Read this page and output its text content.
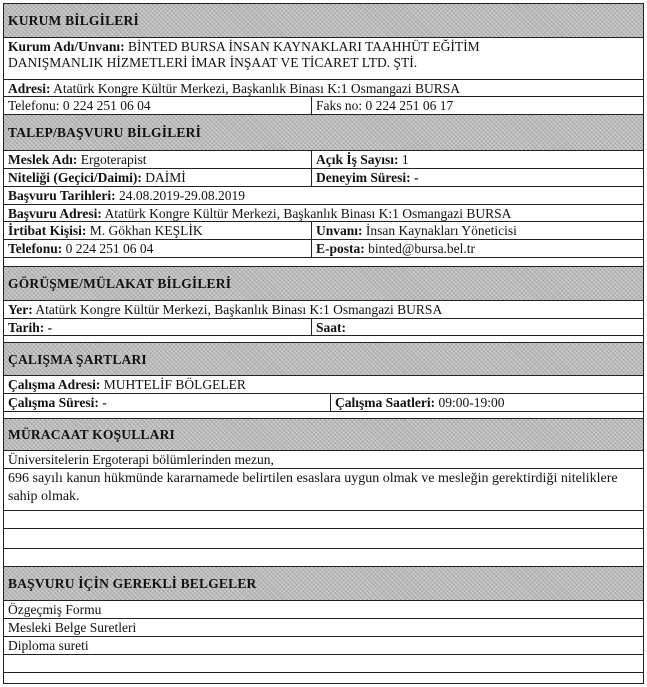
KURUM BİLGİLERİ
Kurum Adı/Unvanı: BİNTED BURSA İNSAN KAYNAKLARI TAAHHÜT EĞİTİM
DANIŞMANLIK HİZMETLERİ İMAR İNŞAAT VE TİCARET LTD. ŞTİ.
Adresi: Atatürk Kongre Kültür Merkezi, Başkanlık Binası K:1 Osmangazi BURSA
Telefonu: 0 224 251 06 04	Faks no: 0 224 251 06 17
TALEP/BAŞVURU BİLGİLERİ
Meslek Adı: Ergoterapist	Açık İş Sayısı: 1
Niteliği (Geçici/Daimi): DAİMİ	Deneyim Süresi: -
Başvuru Tarihleri: 24.08.2019-29.08.2019
Başvuru Adresi: Atatürk Kongre Kültür Merkezi, Başkanlık Binası K:1 Osmangazi BURSA
İrtibat Kişisi: M. Gökhan KEŞLİK	Unvanı: İnsan Kaynakları Yöneticisi
Telefonu: 0 224 251 06 04	E-posta: binted@bursa.bel.tr
GÖRÜŞME/MÜLAKAT BİLGİLERİ
Yer: Atatürk Kongre Kültür Merkezi, Başkanlık Binası K:1 Osmangazi BURSA
Tarih: -	Saat:
ÇALIŞMA ŞARTLARI
Çalışma Adresi: MUHTELİF BÖLGELER
Çalışma Süresi: -	Çalışma Saatleri: 09:00-19:00
MÜRACAAT KOŞULLARI
Üniversitelerin Ergoterapi bölümlerinden mezun,
696 sayılı kanun hükmünde kararnamede belirtilen esaslara uygun olmak ve mesleğin gerektirdiği niteliklere sahip olmak.
BAŞVURU İÇİN GEREKLİ BELGELER
Özgeçmiş Formu
Mesleki Belge Suretleri
Diploma sureti
